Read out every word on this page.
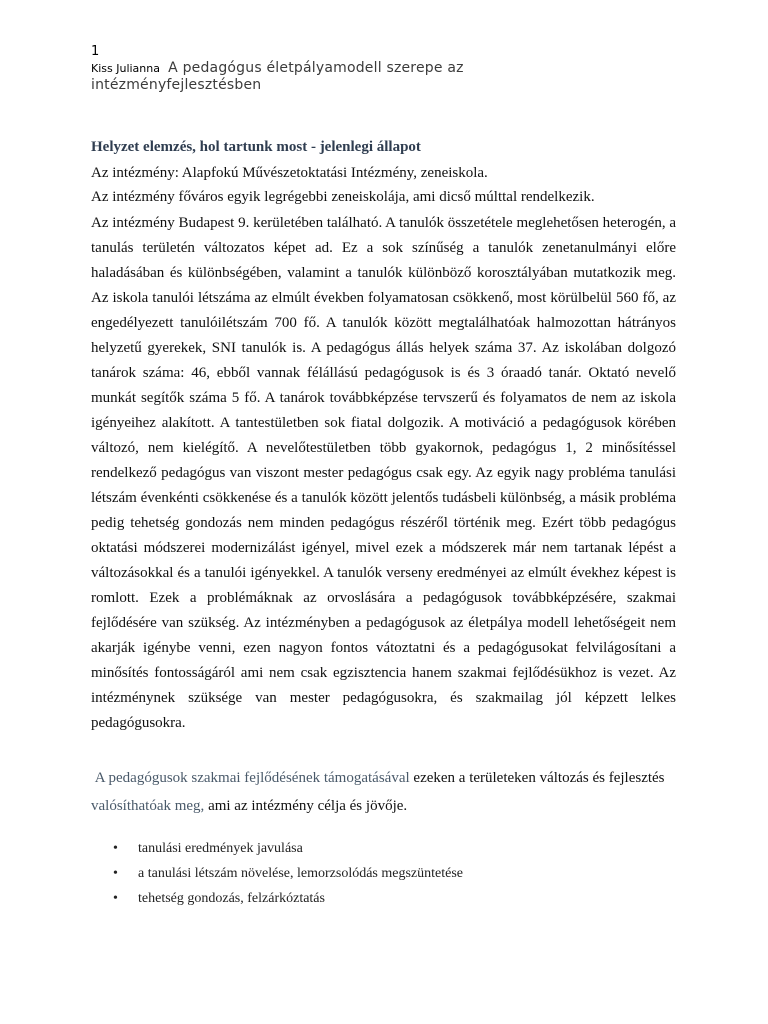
1
Kiss Julianna A pedagógus életpályamodell szerepe az
intézményfejlesztésben
Helyzet elemzés, hol tartunk most - jelenlegi állapot
Az intézmény: Alapfokú Művészetoktatási Intézmény, zeneiskola.
Az intézmény főváros egyik legrégebbi zeneiskolája, ami dicső múlttal rendelkezik.

Az intézmény Budapest 9. kerületében található. A tanulók összetétele meglehetősen heterogén, a tanulás területén változatos képet ad. Ez a sok színűség a tanulók zenetanulmányi előre haladásában és különbségében, valamint a tanulók különböző korosztályában mutatkozik meg. Az iskola tanulói létszáma az elmúlt években folyamatosan csökkenő, most körülbelül 560 fő, az engedélyezett tanulóilétszám 700 fő. A tanulók között megtalálhatóak halmozottan hátrányos helyzetű gyerekek, SNI tanulók is. A pedagógus állás helyek száma 37. Az iskolában dolgozó tanárok száma: 46, ebből vannak félállású pedagógusok is és 3 óraadó tanár. Oktató nevelő munkát segítők száma 5 fő. A tanárok továbbképzése tervszerű és folyamatos de nem az iskola igényeihez alakított. A tantestületben sok fiatal dolgozik. A motiváció a pedagógusok körében változó, nem kielégítő. A nevelőtestületben több gyakornok, pedagógus 1, 2 minősítéssel rendelkező pedagógus van viszont mester pedagógus csak egy. Az egyik nagy probléma tanulási létszám évenkénti csökkenése és a tanulók között jelentős tudásbeli különbség, a másik probléma pedig tehetség gondozás nem minden pedagógus részéről történik meg. Ezért több pedagógus oktatási módszerei modernizálást igényel, mivel ezek a módszerek már nem tartanak lépést a változásokkal és a tanulói igényekkel. A tanulók verseny eredményei az elmúlt évekhez képest is romlott. Ezek a problémáknak az orvoslására a pedagógusok továbbképzésére, szakmai fejlődésére van szükség. Az intézményben a pedagógusok az életpálya modell lehetőségeit nem akarják igénybe venni, ezen nagyon fontos vátoztatni és a pedagógusokat felvilágosítani a minősítés fontosságáról ami nem csak egzisztencia hanem szakmai fejlődésükhoz is vezet. Az intézménynek szüksége van mester pedagógusokra, és szakmailag jól képzett lelkes pedagógusokra.

A pedagógusok szakmai fejlődésének támogatásával ezeken a területeken változás és fejlesztés valósíthatóak meg, ami az intézmény célja és jövője.

• tanulási eredmények javulása
• a tanulási létszám növelése, lemorzsolódás megszüntetése
• tehetség gondozás, felzárkóztatás
